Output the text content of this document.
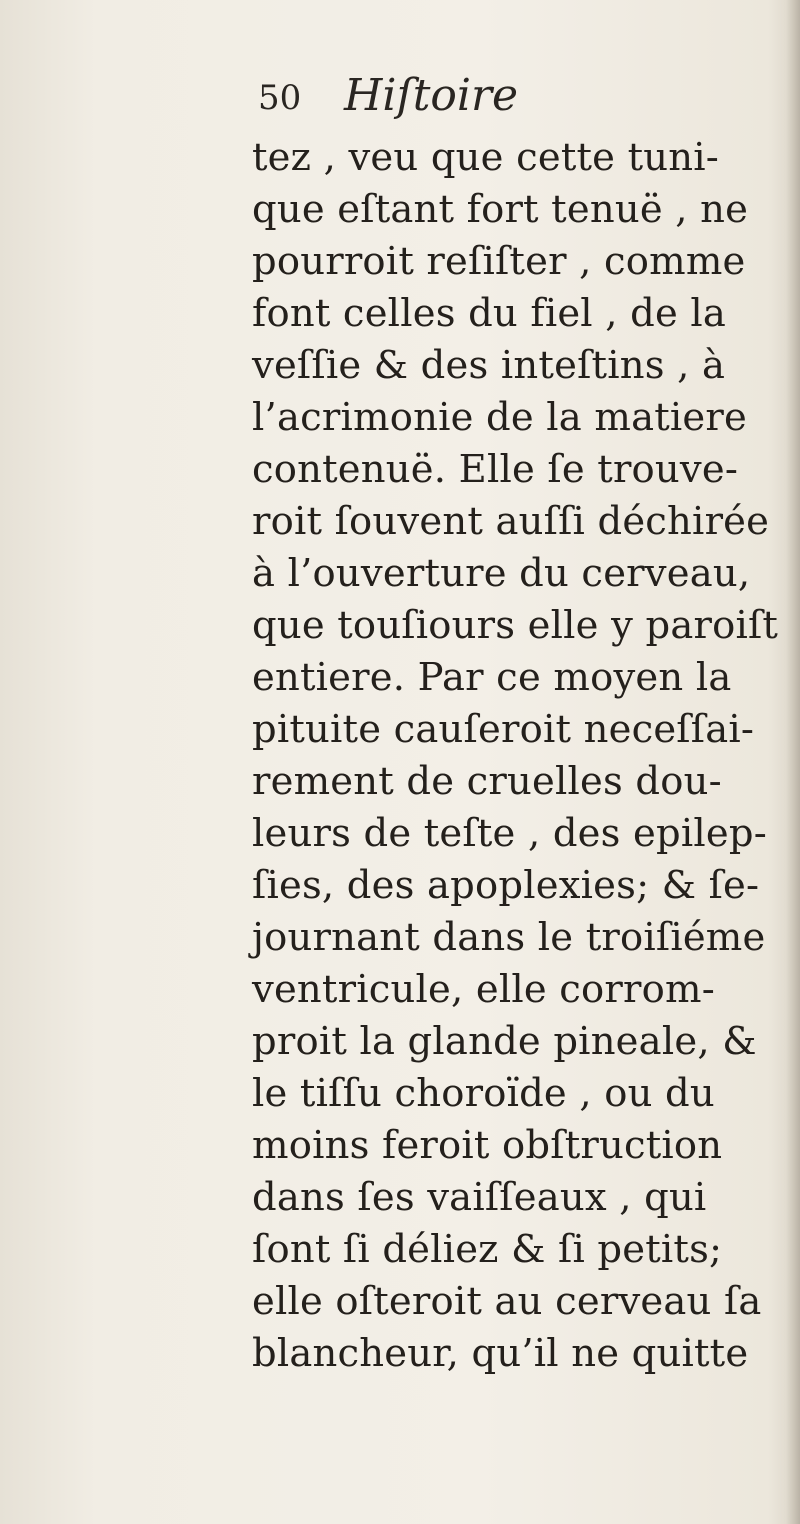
50 Hiſtoire
tez , veu que cette tuni-
que eſtant fort tenuë , ne
pourroit reſiſter , comme
font celles du fiel , de la
veſſie & des inteſtins , à
l’acrimonie de la matiere
contenuë. Elle ſe trouve-
roit ſouvent auſſi déchirée
à l’ouverture du cerveau,
que touſiours elle y paroiſt
entiere. Par ce moyen la
pituite cauſeroit neceſſai-
rement de cruelles dou-
leurs de teſte , des epilep-
ſies, des apoplexies; & ſe-
journant dans le troiſiéme
ventricule, elle corrom-
proit la glande pineale, &
le tiſſu choroïde , ou du
moins feroit obſtruction
dans ſes vaiſſeaux , qui
ſont ſi déliez & ſi petits;
elle oſteroit au cerveau ſa
blancheur, qu’il ne quitte
